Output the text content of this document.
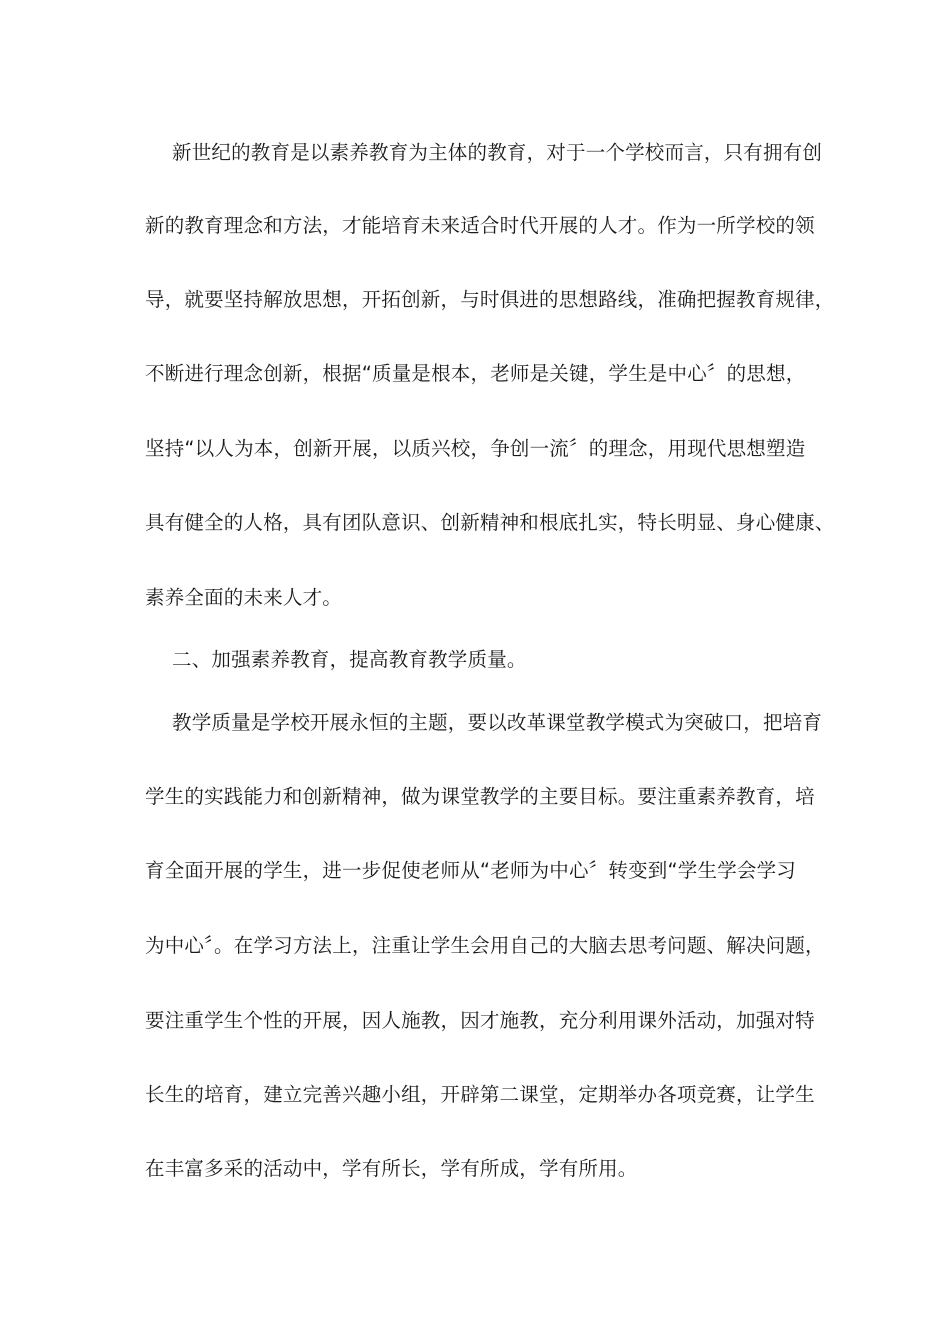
新世纪的教育是以素养教育为主体的教育，对于一个学校而言，只有拥有创
新的教育理念和方法，才能培育未来适合时代开展的人才。作为一所学校的领
导，就要坚持解放思想，开拓创新，与时俱进的思想路线，准确把握教育规律，
不断进行理念创新，根据“质量是根本，老师是关键，学生是中心〞的思想，
坚持“以人为本，创新开展，以质兴校，争创一流〞的理念，用现代思想塑造
具有健全的人格，具有团队意识、创新精神和根底扎实，特长明显、身心健康、
素养全面的未来人才。
二、加强素养教育，提高教育教学质量。
教学质量是学校开展永恒的主题，要以改革课堂教学模式为突破口，把培育
学生的实践能力和创新精神，做为课堂教学的主要目标。要注重素养教育，培
育全面开展的学生，进一步促使老师从“老师为中心〞转变到“学生学会学习
为中心〞。在学习方法上，注重让学生会用自己的大脑去思考问题、解决问题，
要注重学生个性的开展，因人施教，因才施教，充分利用课外活动，加强对特
长生的培育，建立完善兴趣小组，开辟第二课堂，定期举办各项竞赛，让学生
在丰富多采的活动中，学有所长，学有所成，学有所用。
